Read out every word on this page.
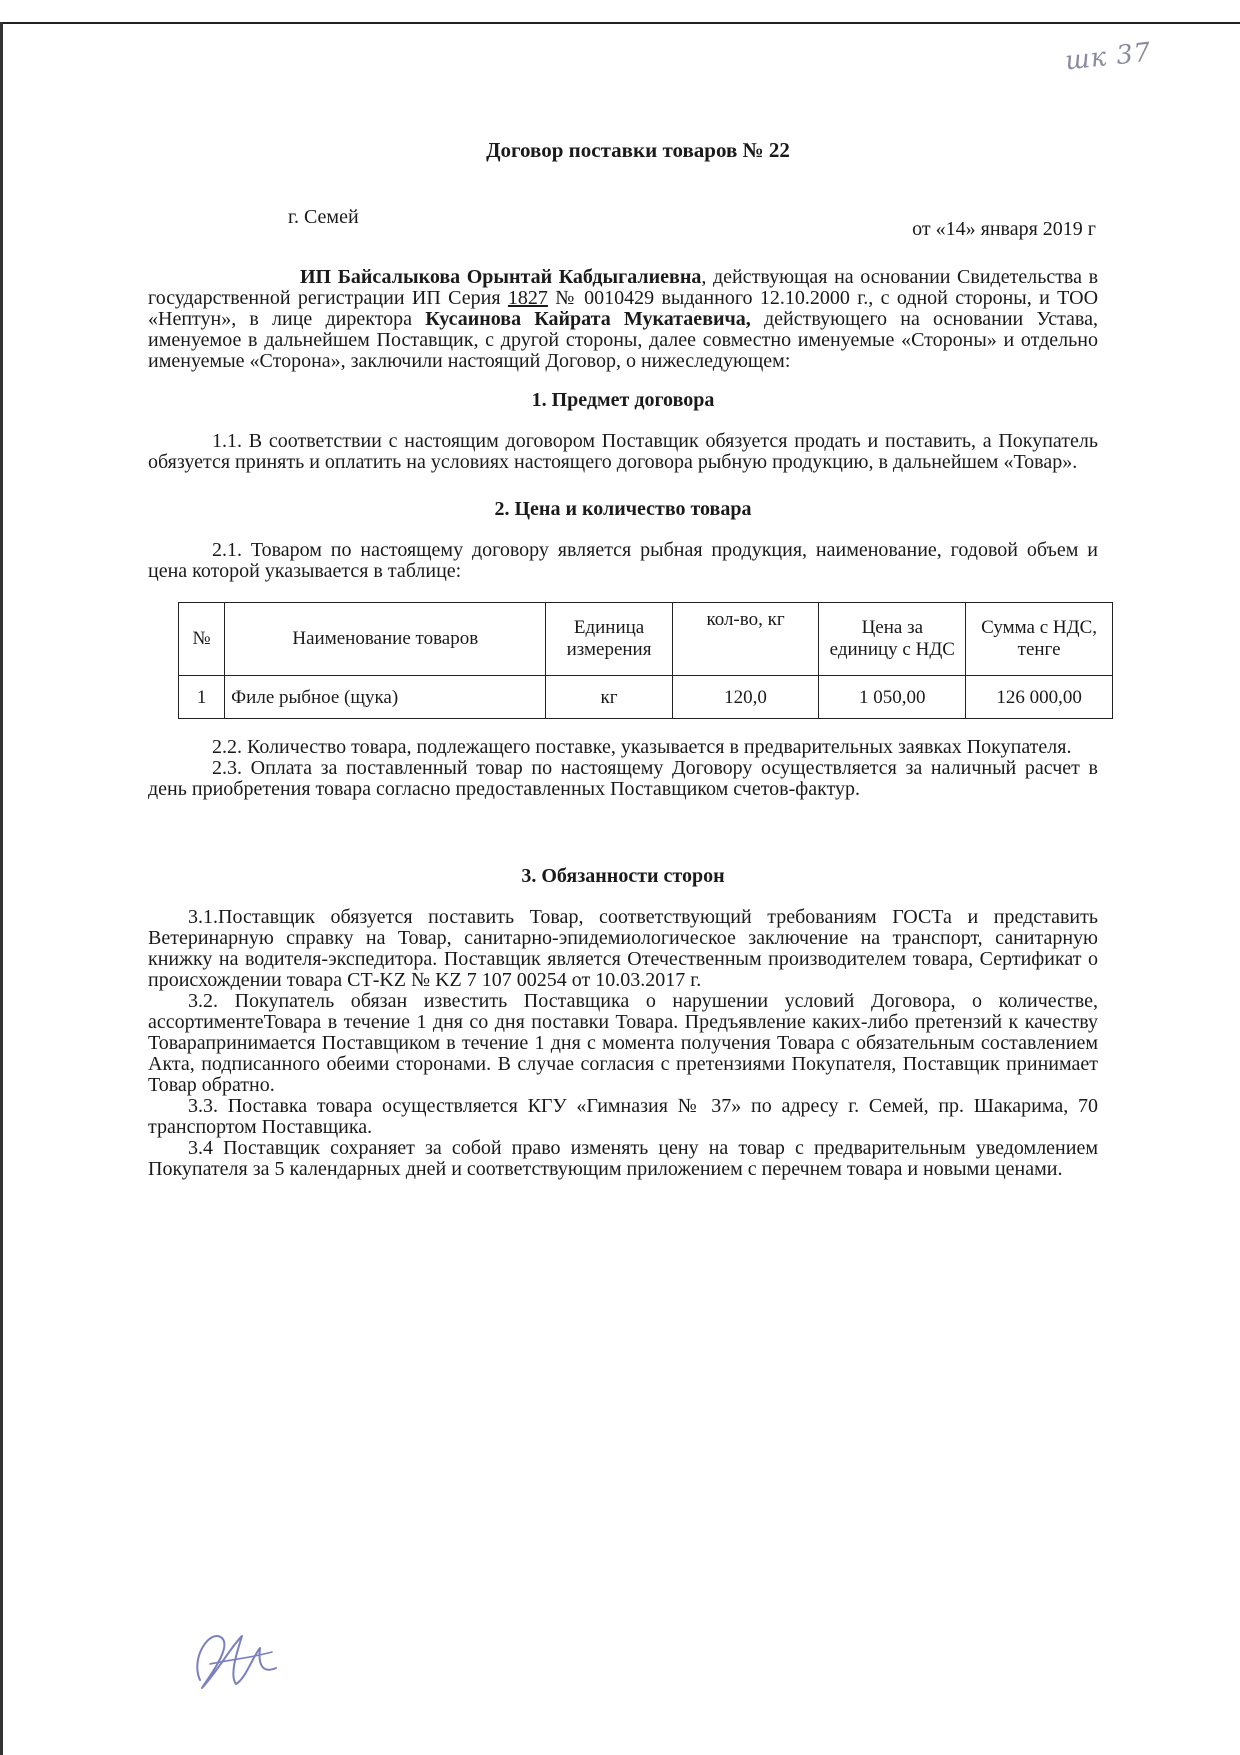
шк 37
Договор поставки товаров № 22
г. Семей
от «14» января 2019 г

ИП Байсалыкова Орынтай Кабдыгалиевна, действующая на основании Свидетельства в государственной регистрации ИП Серия 1827 № 0010429 выданного 12.10.2000 г., с одной стороны, и ТОО «Нептун», в лице директора Кусаинова Кайрата Мукатаевича, действующего на основании Устава, именуемое в дальнейшем Поставщик, с другой стороны, далее совместно именуемые «Стороны» и отдельно именуемые «Сторона», заключили настоящий Договор, о нижеследующем:

1. Предмет договора

1.1. В соответствии с настоящим договором Поставщик обязуется продать и поставить, а Покупатель обязуется принять и оплатить на условиях настоящего договора рыбную продукцию, в дальнейшем «Товар».

2. Цена и количество товара

2.1. Товаром по настоящему договору является рыбная продукция, наименование, годовой объем и цена которой указывается в таблице:

№	Наименование товаров	Единица измерения	кол-во, кг	Цена за единицу с НДС	Сумма с НДС, тенге
1	Филе рыбное (щука)	кг	120,0	1 050,00	126 000,00

2.2. Количество товара, подлежащего поставке, указывается в предварительных заявках Покупателя.

2.3. Оплата за поставленный товар по настоящему Договору осуществляется за наличный расчет в день приобретения товара согласно предоставленных Поставщиком счетов-фактур.

3. Обязанности сторон

3.1.Поставщик обязуется поставить Товар, соответствующий требованиям ГОСТа и представить Ветеринарную справку на Товар, санитарно-эпидемиологическое заключение на транспорт, санитарную книжку на водителя-экспедитора. Поставщик является Отечественным производителем товара, Сертификат о происхождении товара СТ-KZ № KZ 7 107 00254 от 10.03.2017 г.

3.2. Покупатель обязан известить Поставщика о нарушении условий Договора, о количестве, ассортиментеТовара в течение 1 дня со дня поставки Товара. Предъявление каких-либо претензий к качеству Товарапринимается Поставщиком в течение 1 дня с момента получения Товара с обязательным составлением Акта, подписанного обеими сторонами. В случае согласия с претензиями Покупателя, Поставщик принимает Товар обратно.

3.3. Поставка товара осуществляется КГУ «Гимназия № 37» по адресу г. Семей, пр. Шакарима, 70 транспортом Поставщика.

3.4 Поставщик сохраняет за собой право изменять цену на товар с предварительным уведомлением Покупателя за 5 календарных дней и соответствующим приложением с перечнем товара и новыми ценами.
